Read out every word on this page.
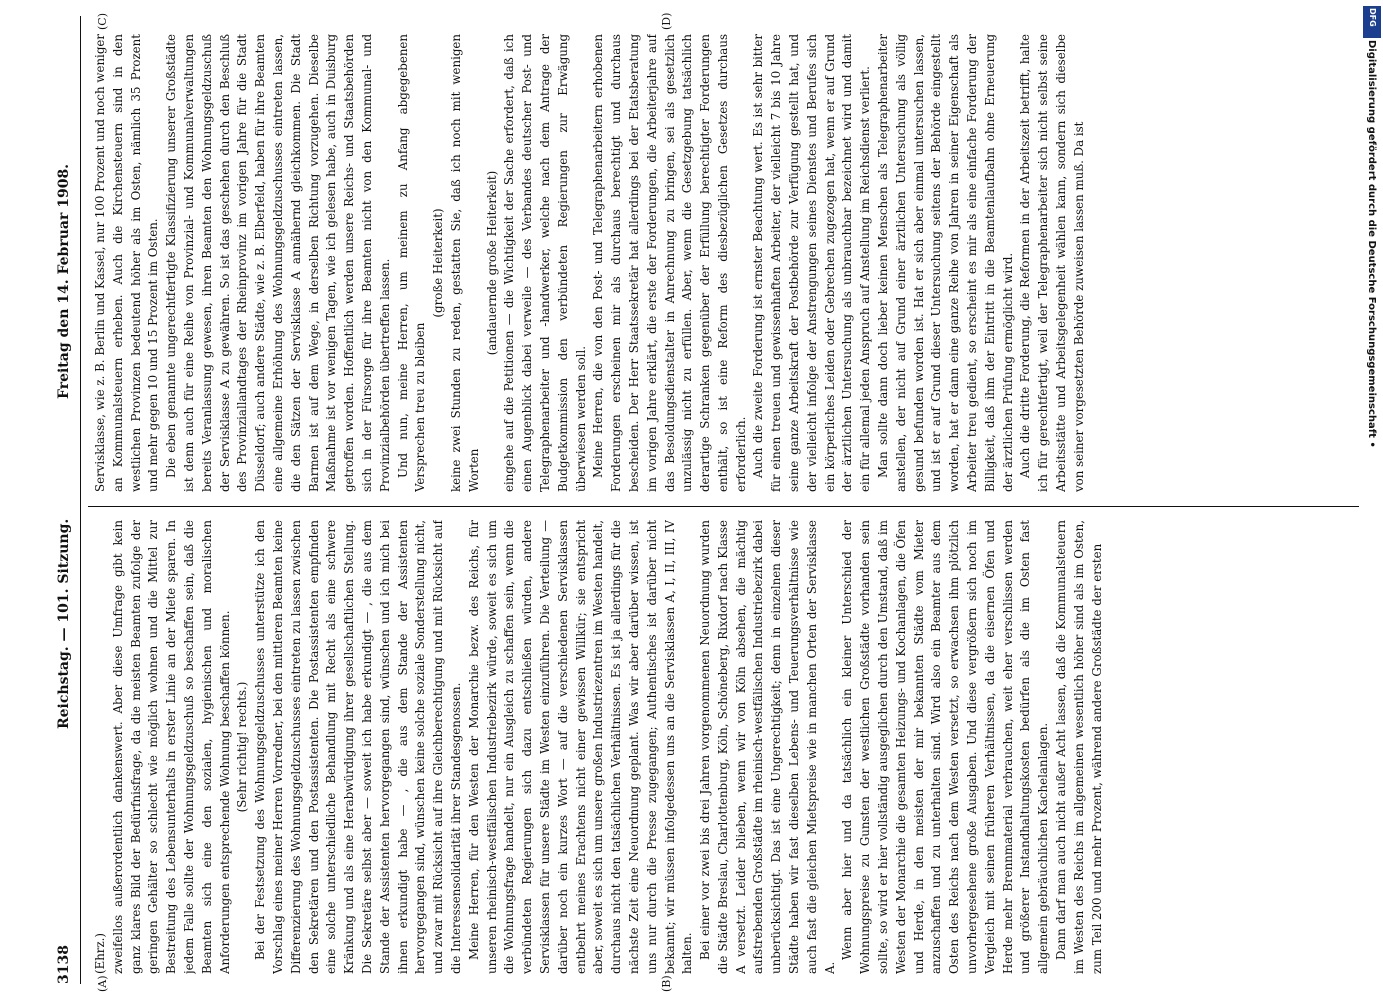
3138
Reichstag. — 101. Sitzung.
Freitag den 14. Februar 1908.
(A)	(B)
(C)	(D)

(Ehrz.) zweifellos außerordentlich dankenswert. Aber diese Umfrage gibt kein ganz klares Bild der Bedürfnisfrage, da die meisten Beamten zufolge der geringen Gehälter so schlecht wie möglich wohnen und die Mittel zur Bestreitung des Lebensunterhalts in erster Linie an der Miete sparen. In jedem Falle sollte der Wohnungsgeldzuschuß so beschaffen sein, daß die Beamten sich eine den sozialen, hygienischen und moralischen Anforderungen entsprechende Wohnung beschaffen können. (Sehr richtig! rechts.) Bei der Festsetzung des Wohnungsgeldzuschusses unterstütze ich den Vorschlag eines meiner Herren Vorredner, bei den mittleren Beamten keine Differenzierung des Wohnungsgeldzuschusses eintreten zu lassen zwischen den Sekretären und den Postassistenten. Die Postassistenten empfinden eine solche unterschiedliche Behandlung mit Recht als eine schwere Kränkung und als eine Herabwürdigung ihrer gesellschaftlichen Stellung. Die Sekretäre selbst aber — soweit ich habe erkundigt — , die aus dem Stande der Assistenten hervorgegangen sind, wünschen und ich mich bei ihnen erkundigt habe — , die aus dem Stande der Assistenten hervorgegangen sind, wünschen keine solche soziale Sonderstellung nicht, und zwar mit Rücksicht auf ihre Gleichberechtigung und mit Rücksicht auf die Interessensolidarität ihrer Standesgenossen. Meine Herren, für den Westen der Monarchie bezw. des Reichs, für unseren rheinisch-westfälischen Industriebezirk würde, soweit es sich um die Wohnungsfrage handelt, nur ein Ausgleich zu schaffen sein, wenn die verbündeten Regierungen sich dazu entschließen würden, andere Servisklassen für unsere Städte im Westen einzuführen. Die Verteilung — darüber noch ein kurzes Wort — auf die verschiedenen Servisklassen entbehrt meines Erachtens nicht einer gewissen Willkür; sie entspricht aber, soweit es sich um unsere großen Industriezentren im Westen handelt, durchaus nicht den tatsächlichen Verhältnissen. Es ist ja allerdings für die nächste Zeit eine Neuordnung geplant. Was wir aber darüber wissen, ist uns nur durch die Presse zugegangen; Authentisches ist darüber nicht bekannt; wir müssen infolgedessen uns an die Servisklassen A, I, II, III, IV halten. Bei einer vor zwei bis drei Jahren vorgenommenen Neuordnung wurden die Städte Breslau, Charlottenburg, Köln, Schöneberg, Rixdorf nach Klasse A versetzt. Leider blieben, wenn wir von Köln absehen, die mächtig aufstrebenden Großstädte im rheinisch-westfälischen Industriebezirk dabei unberücksichtigt. Das ist eine Ungerechtigkeit; denn in einzelnen dieser Städte haben wir fast dieselben Lebens- und Teuerungsverhältnisse wie auch fast die gleichen Mietspreise wie in manchen Orten der Servisklasse A.

Wenn aber hier und da tatsächlich ein kleiner Unterschied der Wohnungspreise zu Gunsten der westlichen Großstädte vorhanden sein sollte, so wird er hier vollständig ausgeglichen durch den Umstand, daß im Westen der Monarchie die gesamten Heizungs- und Kochanlagen, die Öfen und Herde, in den meisten der mir bekannten Städte vom Mieter anzuschaffen und zu unterhalten sind. Wird also ein Beamter aus dem Osten des Reichs nach dem Westen versetzt, so erwachsen ihm plötzlich unvorhergesehene große Ausgaben. Und diese vergrößern sich noch im Vergleich mit seinen früheren Verhältnissen, da die eisernen Öfen und Herde mehr Brennmaterial verbrauchen, weit eher verschlissen werden und größerer Instandhaltungskosten bedürfen als die im Osten fast allgemein gebräuchlichen Kachelanlagen. Dann darf man auch nicht außer Acht lassen, daß die Kommunalsteuern im Westen des Reichs im allgemeinen wesentlich höher sind als im Osten, zum Teil 200 und mehr Prozent, während andere Großstädte der ersten

Servisklasse, wie z. B. Berlin und Kassel, nur 100 Prozent und noch weniger an Kommunalsteuern erheben. Auch die Kirchensteuern sind in den westlichen Provinzen bedeutend höher als im Osten, nämlich 35 Prozent und mehr gegen 10 und 15 Prozent im Osten. Die eben genannte ungerechtfertigte Klassifizierung unserer Großstädte ist denn auch für eine Reihe von Provinzial- und Kommunalverwaltungen bereits Veranlassung gewesen, ihren Beamten den Wohnungsgeldzuschuß der Servisklasse A zu gewähren. So ist das geschehen durch den Beschluß des Provinziallandtages der Rheinprovinz im vorigen Jahre für die Stadt Düsseldorf; auch andere Städte, wie z. B. Elberfeld, haben für ihre Beamten eine allgemeine Erhöhung des Wohnungsgeldzuschusses eintreten lassen, die den Sätzen der Servisklasse A annähernd gleichkommen. Die Stadt Barmen ist auf dem Wege, in derselben Richtung vorzugehen. Dieselbe Maßnahme ist vor wenigen Tagen, wie ich gelesen habe, auch in Duisburg getroffen worden. Hoffentlich werden unsere Reichs- und Staatsbehörden sich in der Fürsorge für ihre Beamten nicht von den Kommunal- und Provinzialbehörden übertreffen lassen. Und nun, meine Herren, um meinem zu Anfang abgegebenen Versprechen treu zu bleiben

(große Heiterkeit) keine zwei Stunden zu reden, gestatten Sie, daß ich noch mit wenigen Worten

(andauernde große Heiterkeit) eingehe auf die Petitionen — die Wichtigkeit der Sache erfordert, daß ich einen Augenblick dabei verweile — des Verbandes deutscher Post- und Telegraphenarbeiter und -handwerker, welche nach dem Antrage der Budgetkommission den verbündeten Regierungen zur Erwägung überwiesen werden soll. Meine Herren, die von den Post- und Telegraphenarbeitern erhobenen Forderungen erscheinen mir als durchaus berechtigt und durchaus bescheiden. Der Herr Staatssekretär hat allerdings bei der Etatsberatung im vorigen Jahre erklärt, die erste der Forderungen, die Arbeiterjahre auf das Besoldungsdienstalter in Anrechnung zu bringen, sei als gesetzlich unzulässig nicht zu erfüllen. Aber, wenn die Gesetzgebung tatsächlich derartige Schranken gegenüber der Erfüllung berechtigter Forderungen enthält, so ist eine Reform des diesbezüglichen Gesetzes durchaus erforderlich. Auch die zweite Forderung ist ernster Beachtung wert. Es ist sehr bitter für einen treuen und gewissenhaften Arbeiter, der vielleicht 7 bis 10 Jahre seine ganze Arbeitskraft der Postbehörde zur Verfügung gestellt hat, und der vielleicht infolge der Anstrengungen seines Dienstes und Berufes sich ein körperliches Leiden oder Gebrechen zugezogen hat, wenn er auf Grund der ärztlichen Untersuchung als unbrauchbar bezeichnet wird und damit ein für allemal jeden Anspruch auf Anstellung im Reichsdienst verliert. Man sollte dann doch lieber keinen Menschen als Telegraphenarbeiter anstellen, der nicht auf Grund einer ärztlichen Untersuchung als völlig gesund befunden worden ist. Hat er sich aber einmal untersuchen lassen, und ist er auf Grund dieser Untersuchung seitens der Behörde eingestellt worden, hat er dann eine ganze Reihe von Jahren in seiner Eigenschaft als Arbeiter treu gedient, so erscheint es mir als eine einfache Forderung der Billigkeit, daß ihm der Eintritt in die Beamtenlaufbahn ohne Erneuerung der ärztlichen Prüfung ermöglicht wird. Auch die dritte Forderung, die Reformen in der Arbeitszeit betrifft, halte ich für gerechtfertigt, weil der Telegraphenarbeiter sich nicht selbst seine Arbeitsstätte und Arbeitsgelegenheit wählen kann, sondern sich dieselbe von seiner vorgesetzten Behörde zuweisen lassen muß. Da ist

DFG
Digitalisierung gefördert durch die Deutsche Forschungsgemeinschaft •
